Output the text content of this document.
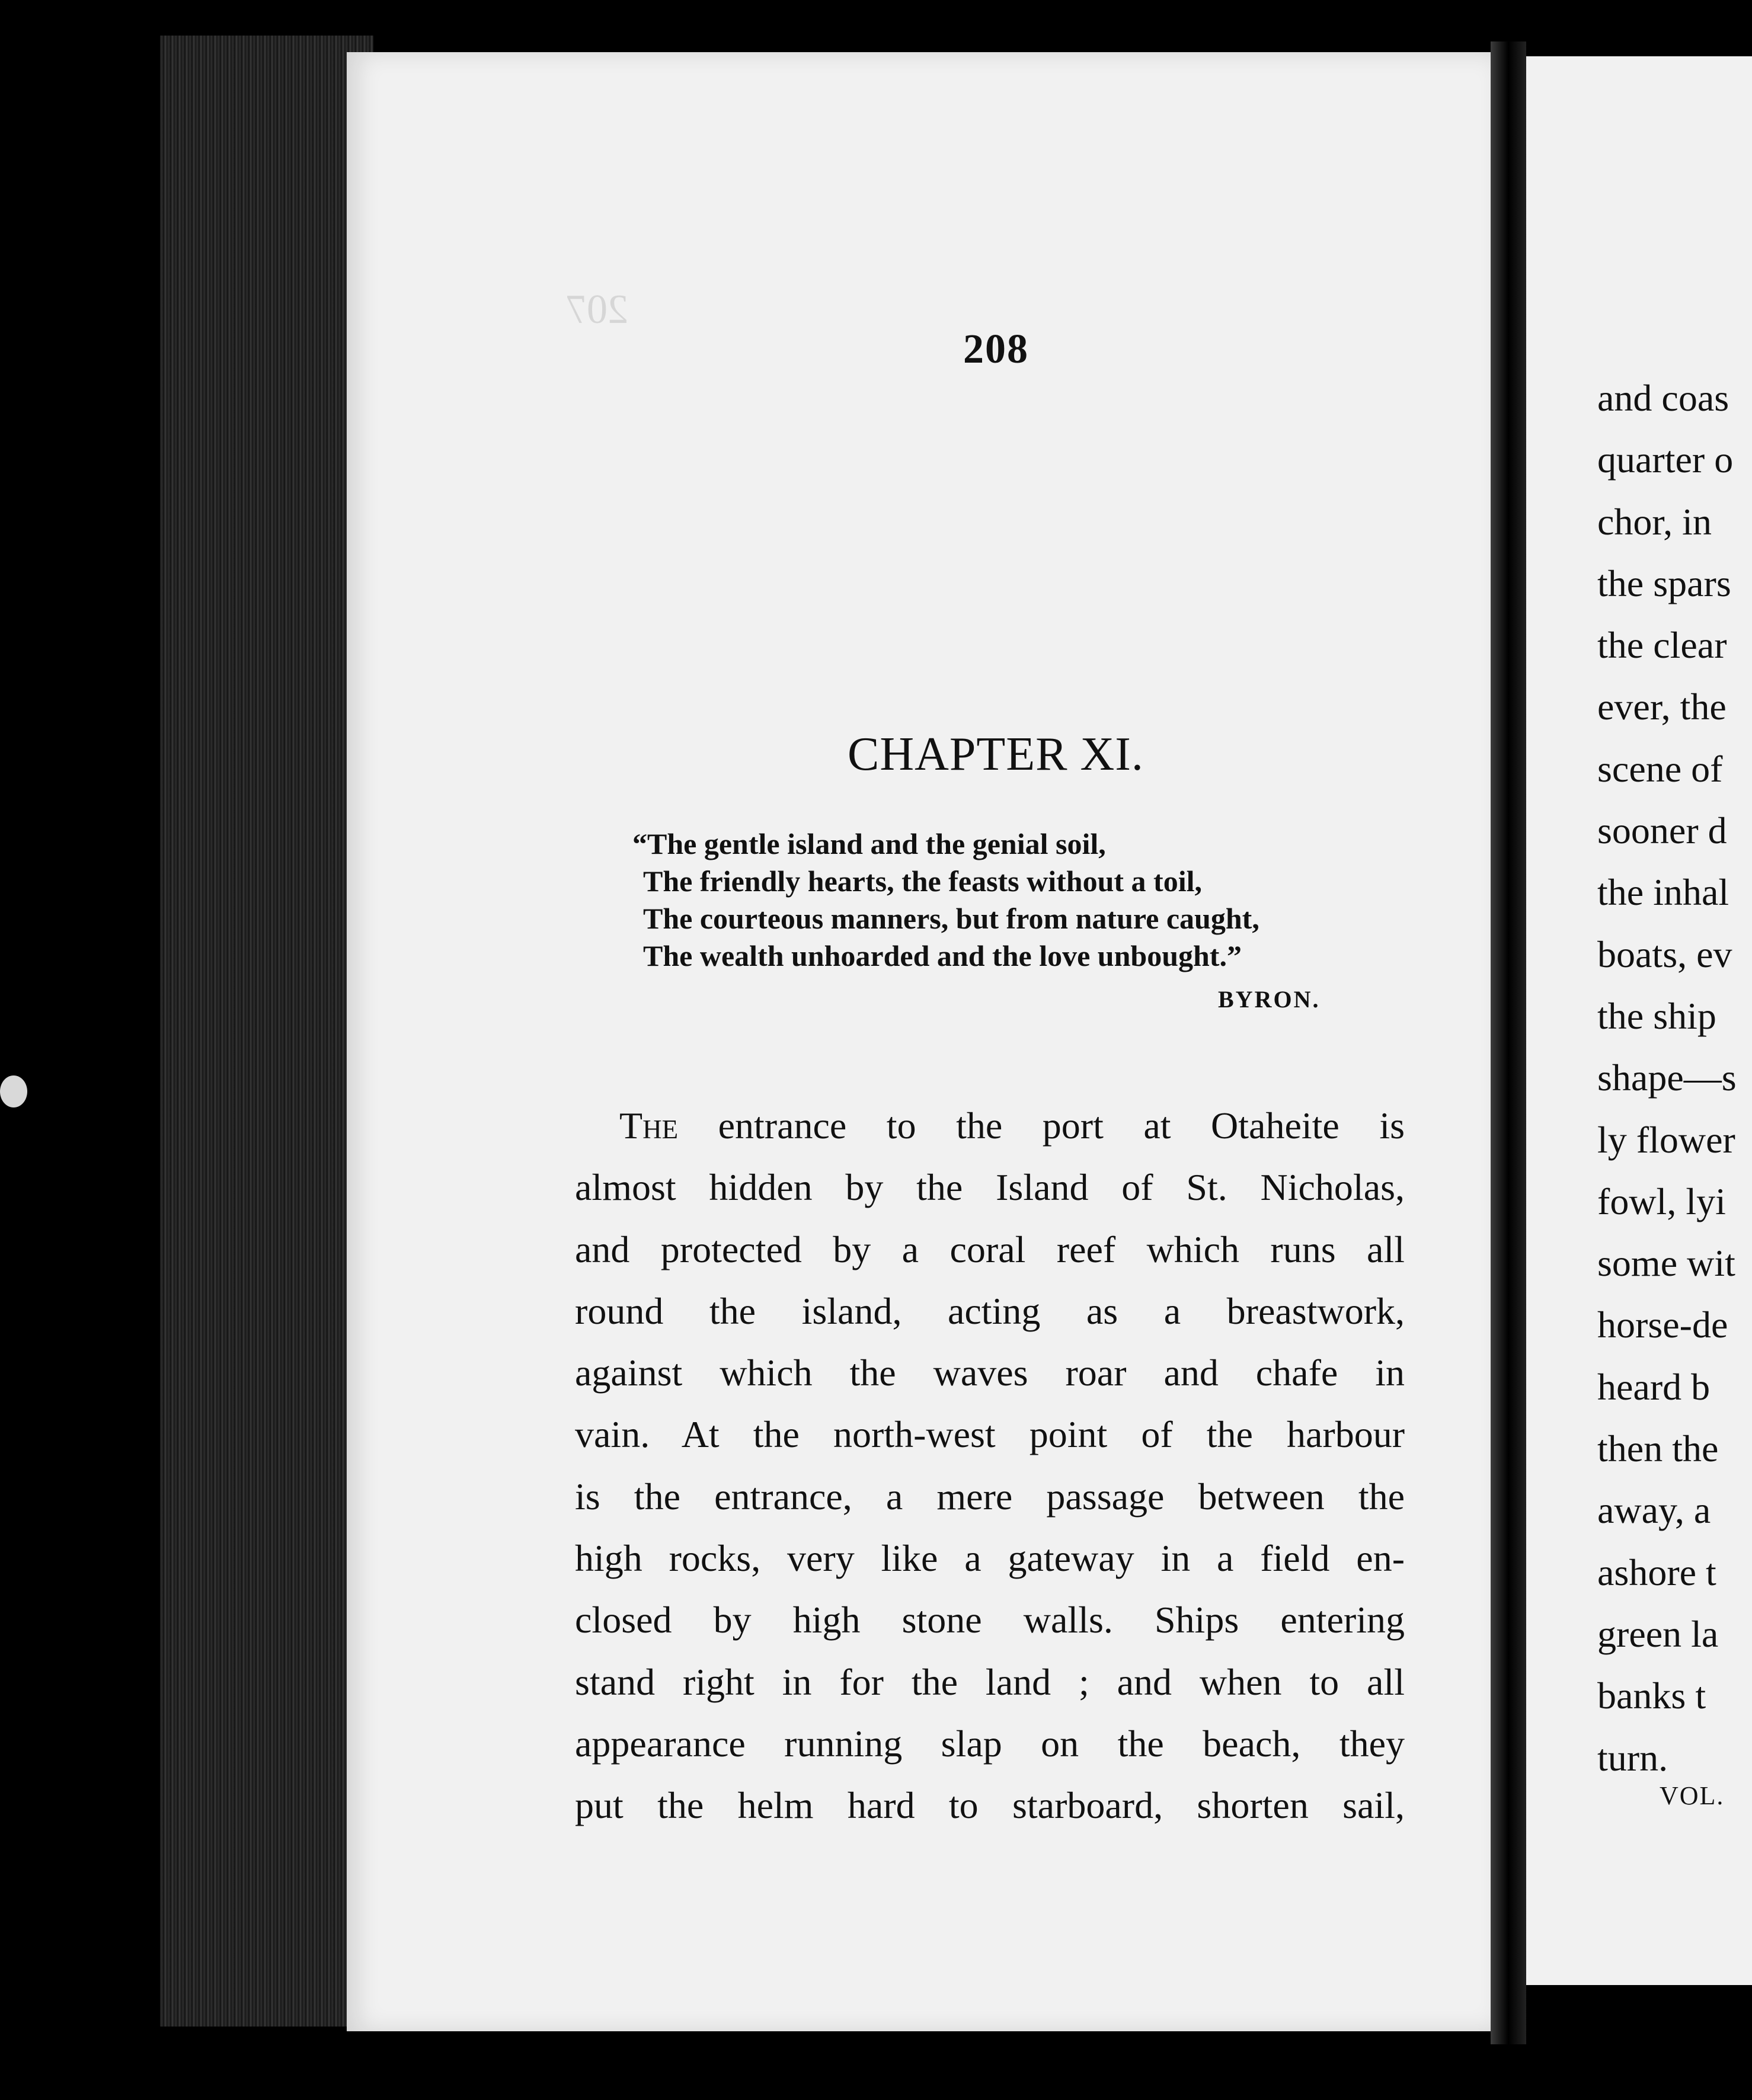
207
208
CHAPTER XI.
“The gentle island and the genial soil,
The friendly hearts, the feasts without a toil,
The courteous manners, but from nature caught,
The wealth unhoarded and the love unbought.”
BYRON.
The entrance to the port at Otaheite is
almost hidden by the Island of St. Nicholas,
and protected by a coral reef which runs all
round the island, acting as a breastwork,
against which the waves roar and chafe in
vain. At the north-west point of the harbour
is the entrance, a mere passage between the
high rocks, very like a gateway in a field en-
closed by high stone walls. Ships entering
stand right in for the land ; and when to all
appearance running slap on the beach, they
put the helm hard to starboard, shorten sail,
and coas
quarter o
chor, in
the spars
the clear
ever, the
scene of
sooner d
the inhal
boats, ev
the ship
shape—s
ly flower
fowl, lyi
some wit
horse-de
heard b
then the
away, a
ashore t
green la
banks t
turn.
VOL.
